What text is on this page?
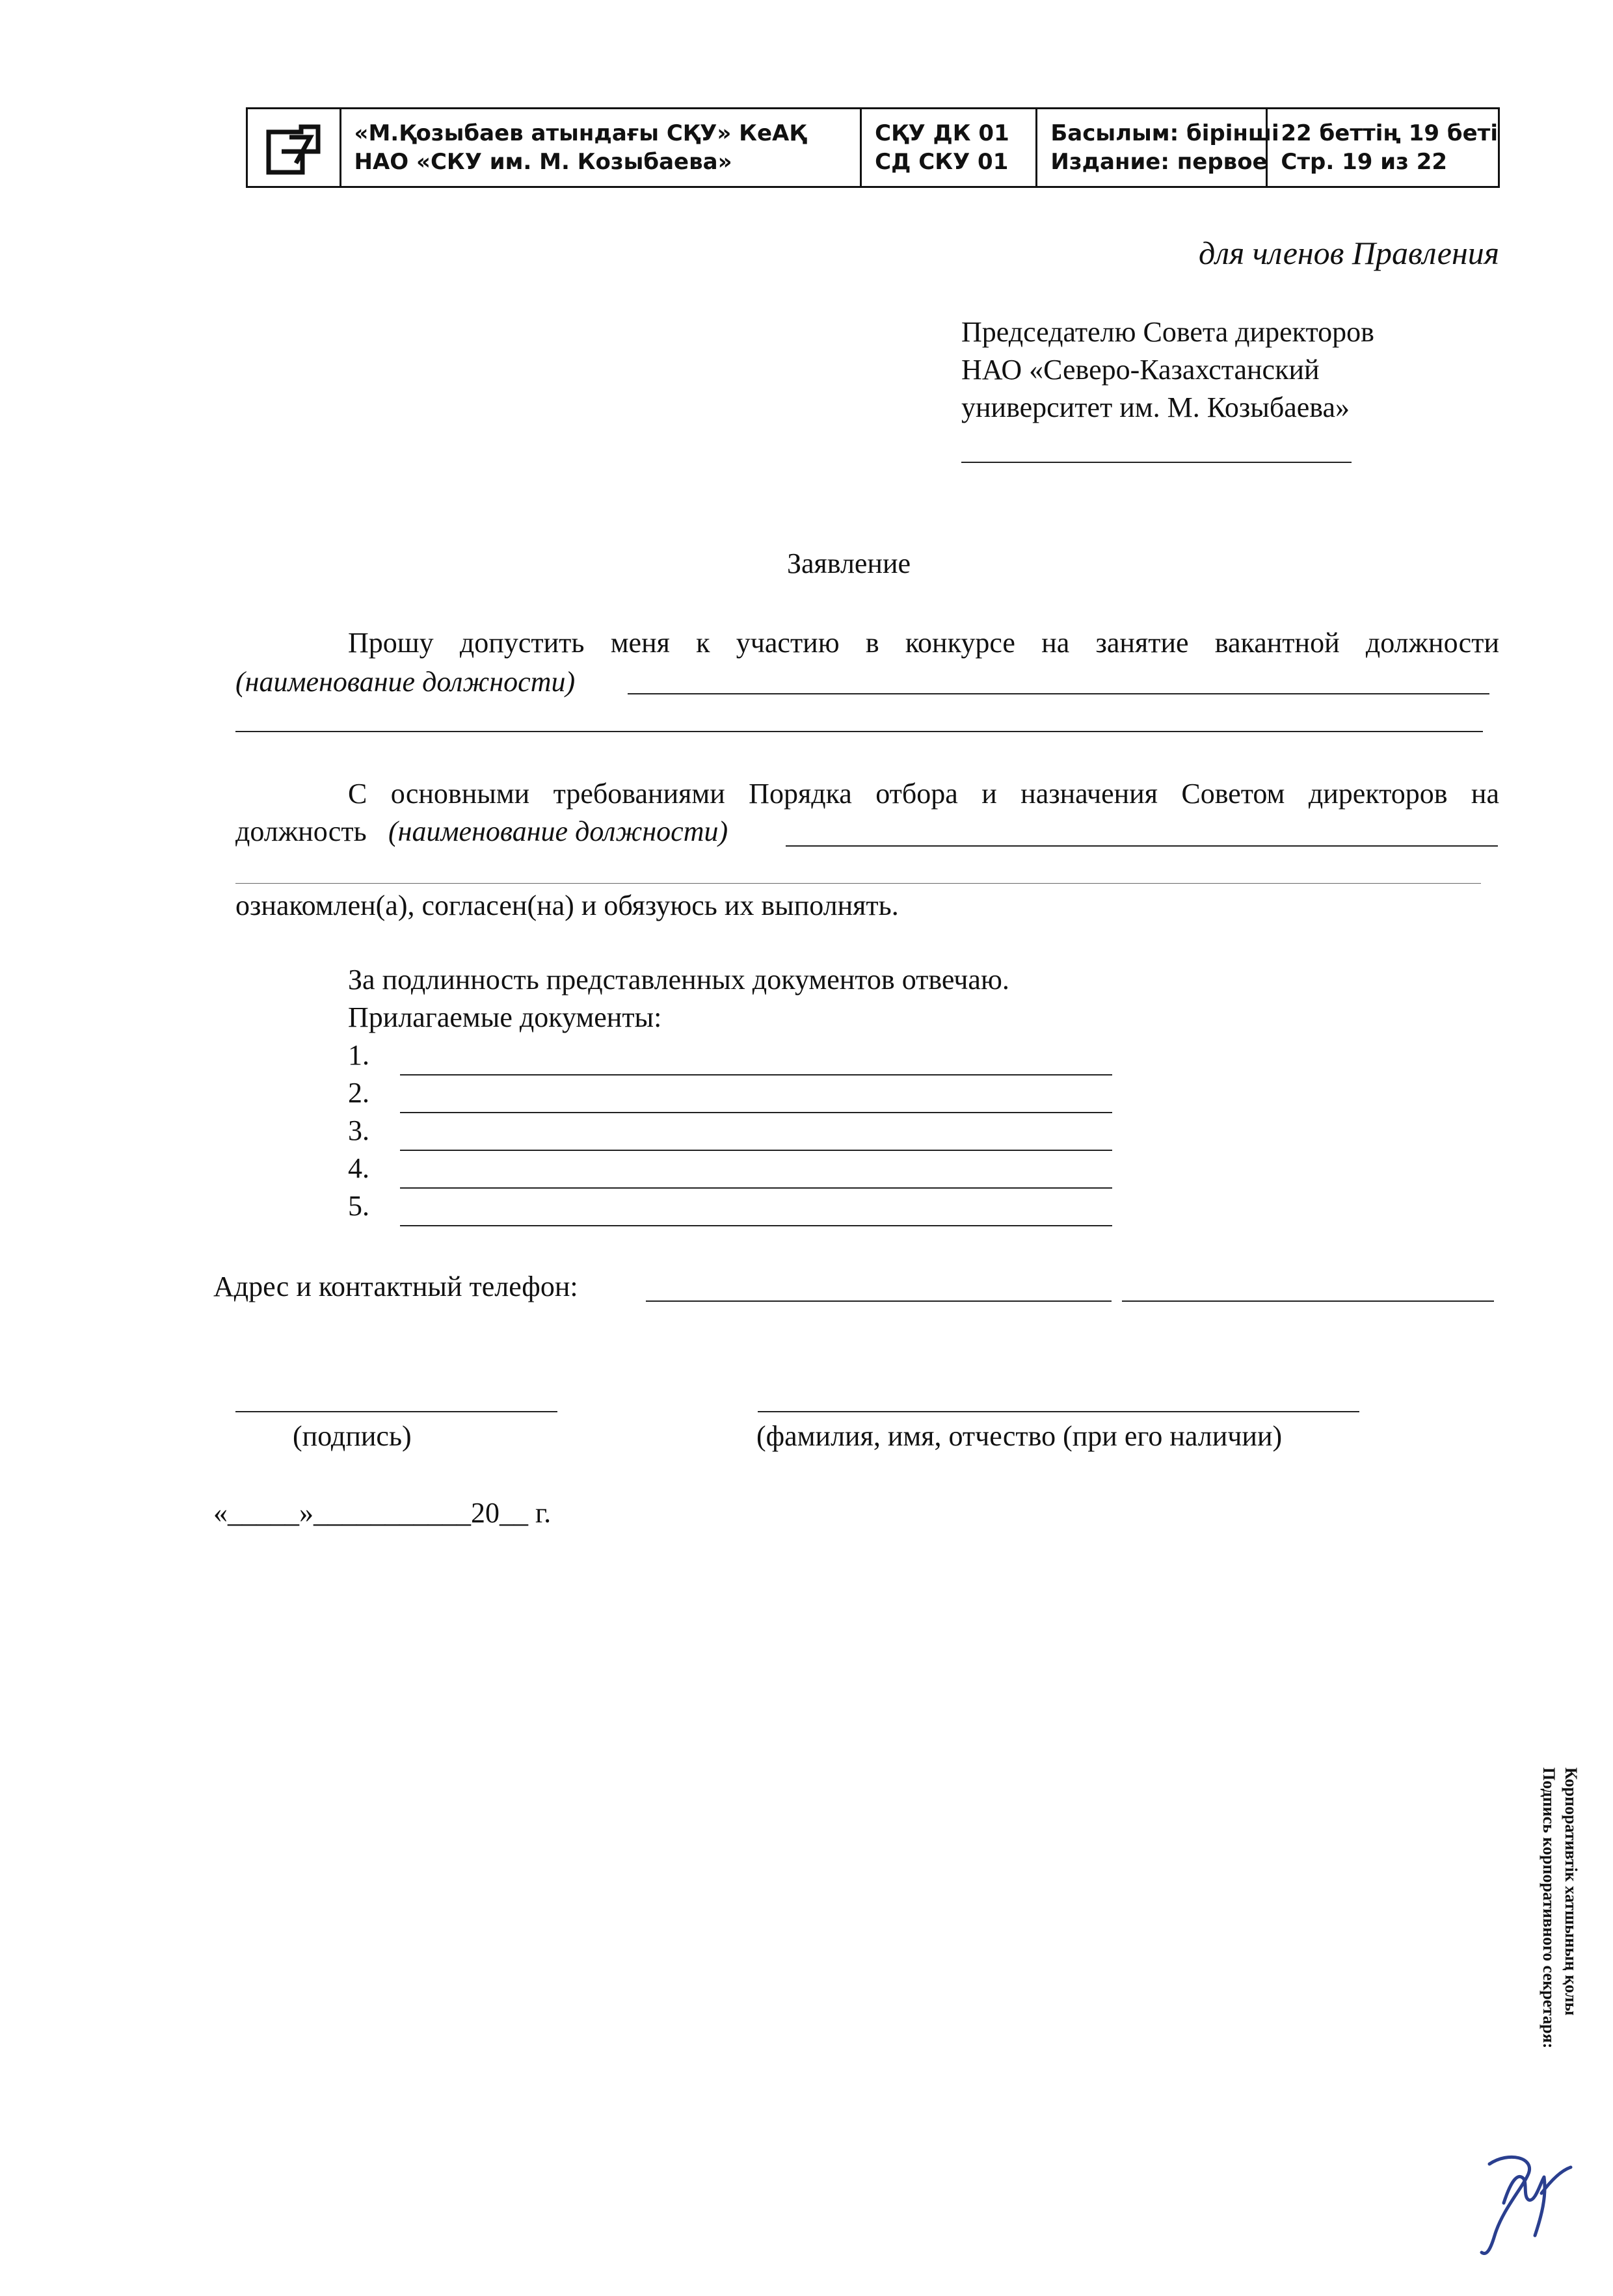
«М.Қозыбаев атындағы СҚУ» КеАҚ
НАО «СКУ им. М. Козыбаева»
СҚУ ДК 01
СД СКУ 01
Басылым: бірінші
Издание: первое
22 беттің 19 беті
Стр. 19 из 22
для членов Правления
Председателю Совета директоров
НАО «Северо-Казахстанский
университет им. М. Козыбаева»
Заявление
Прошу допустить меня к участию в конкурсе на занятие вакантной должности
(наименование должности)
С основными требованиями Порядка отбора и назначения Советом директоров на
должность (наименование должности)
ознакомлен(а), согласен(на) и обязуюсь их выполнять.
За подлинность представленных документов отвечаю.
Прилагаемые документы:
1.
2.
3.
4.
5.
Адрес и контактный телефон:
(подпись)	(фамилия, имя, отчество (при его наличии)
«_____»___________20__ г.
Корпоративтік хатшының қолы
Подпись корпоративного секретаря:
